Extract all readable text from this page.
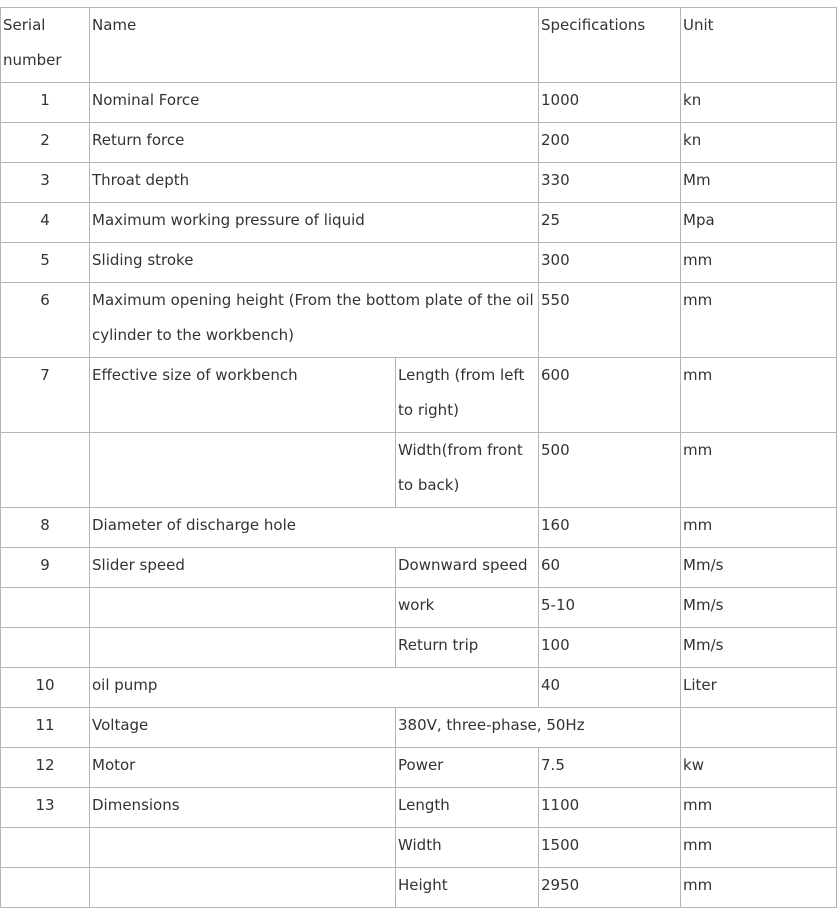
Serial number	Name		Specifications	Unit
1	Nominal Force		1000	kn
2	Return force		200	kn
3	Throat depth		330	Mm
4	Maximum working pressure of liquid		25	Mpa
5	Sliding stroke		300	mm
6	Maximum opening height (From the bottom plate of the oil cylinder to the workbench)		550	mm
7	Effective size of workbench	Length (from left to right)	600	mm
		Width(from front to back)	500	mm
8	Diameter of discharge hole		160	mm
9	Slider speed	Downward speed	60	Mm/s
		work	5-10	Mm/s
		Return trip	100	Mm/s
10	oil pump		40	Liter
11	Voltage	380V, three-phase, 50Hz		
12	Motor	Power	7.5	kw
13	Dimensions	Length	1100	mm
		Width	1500	mm
		Height	2950	mm
